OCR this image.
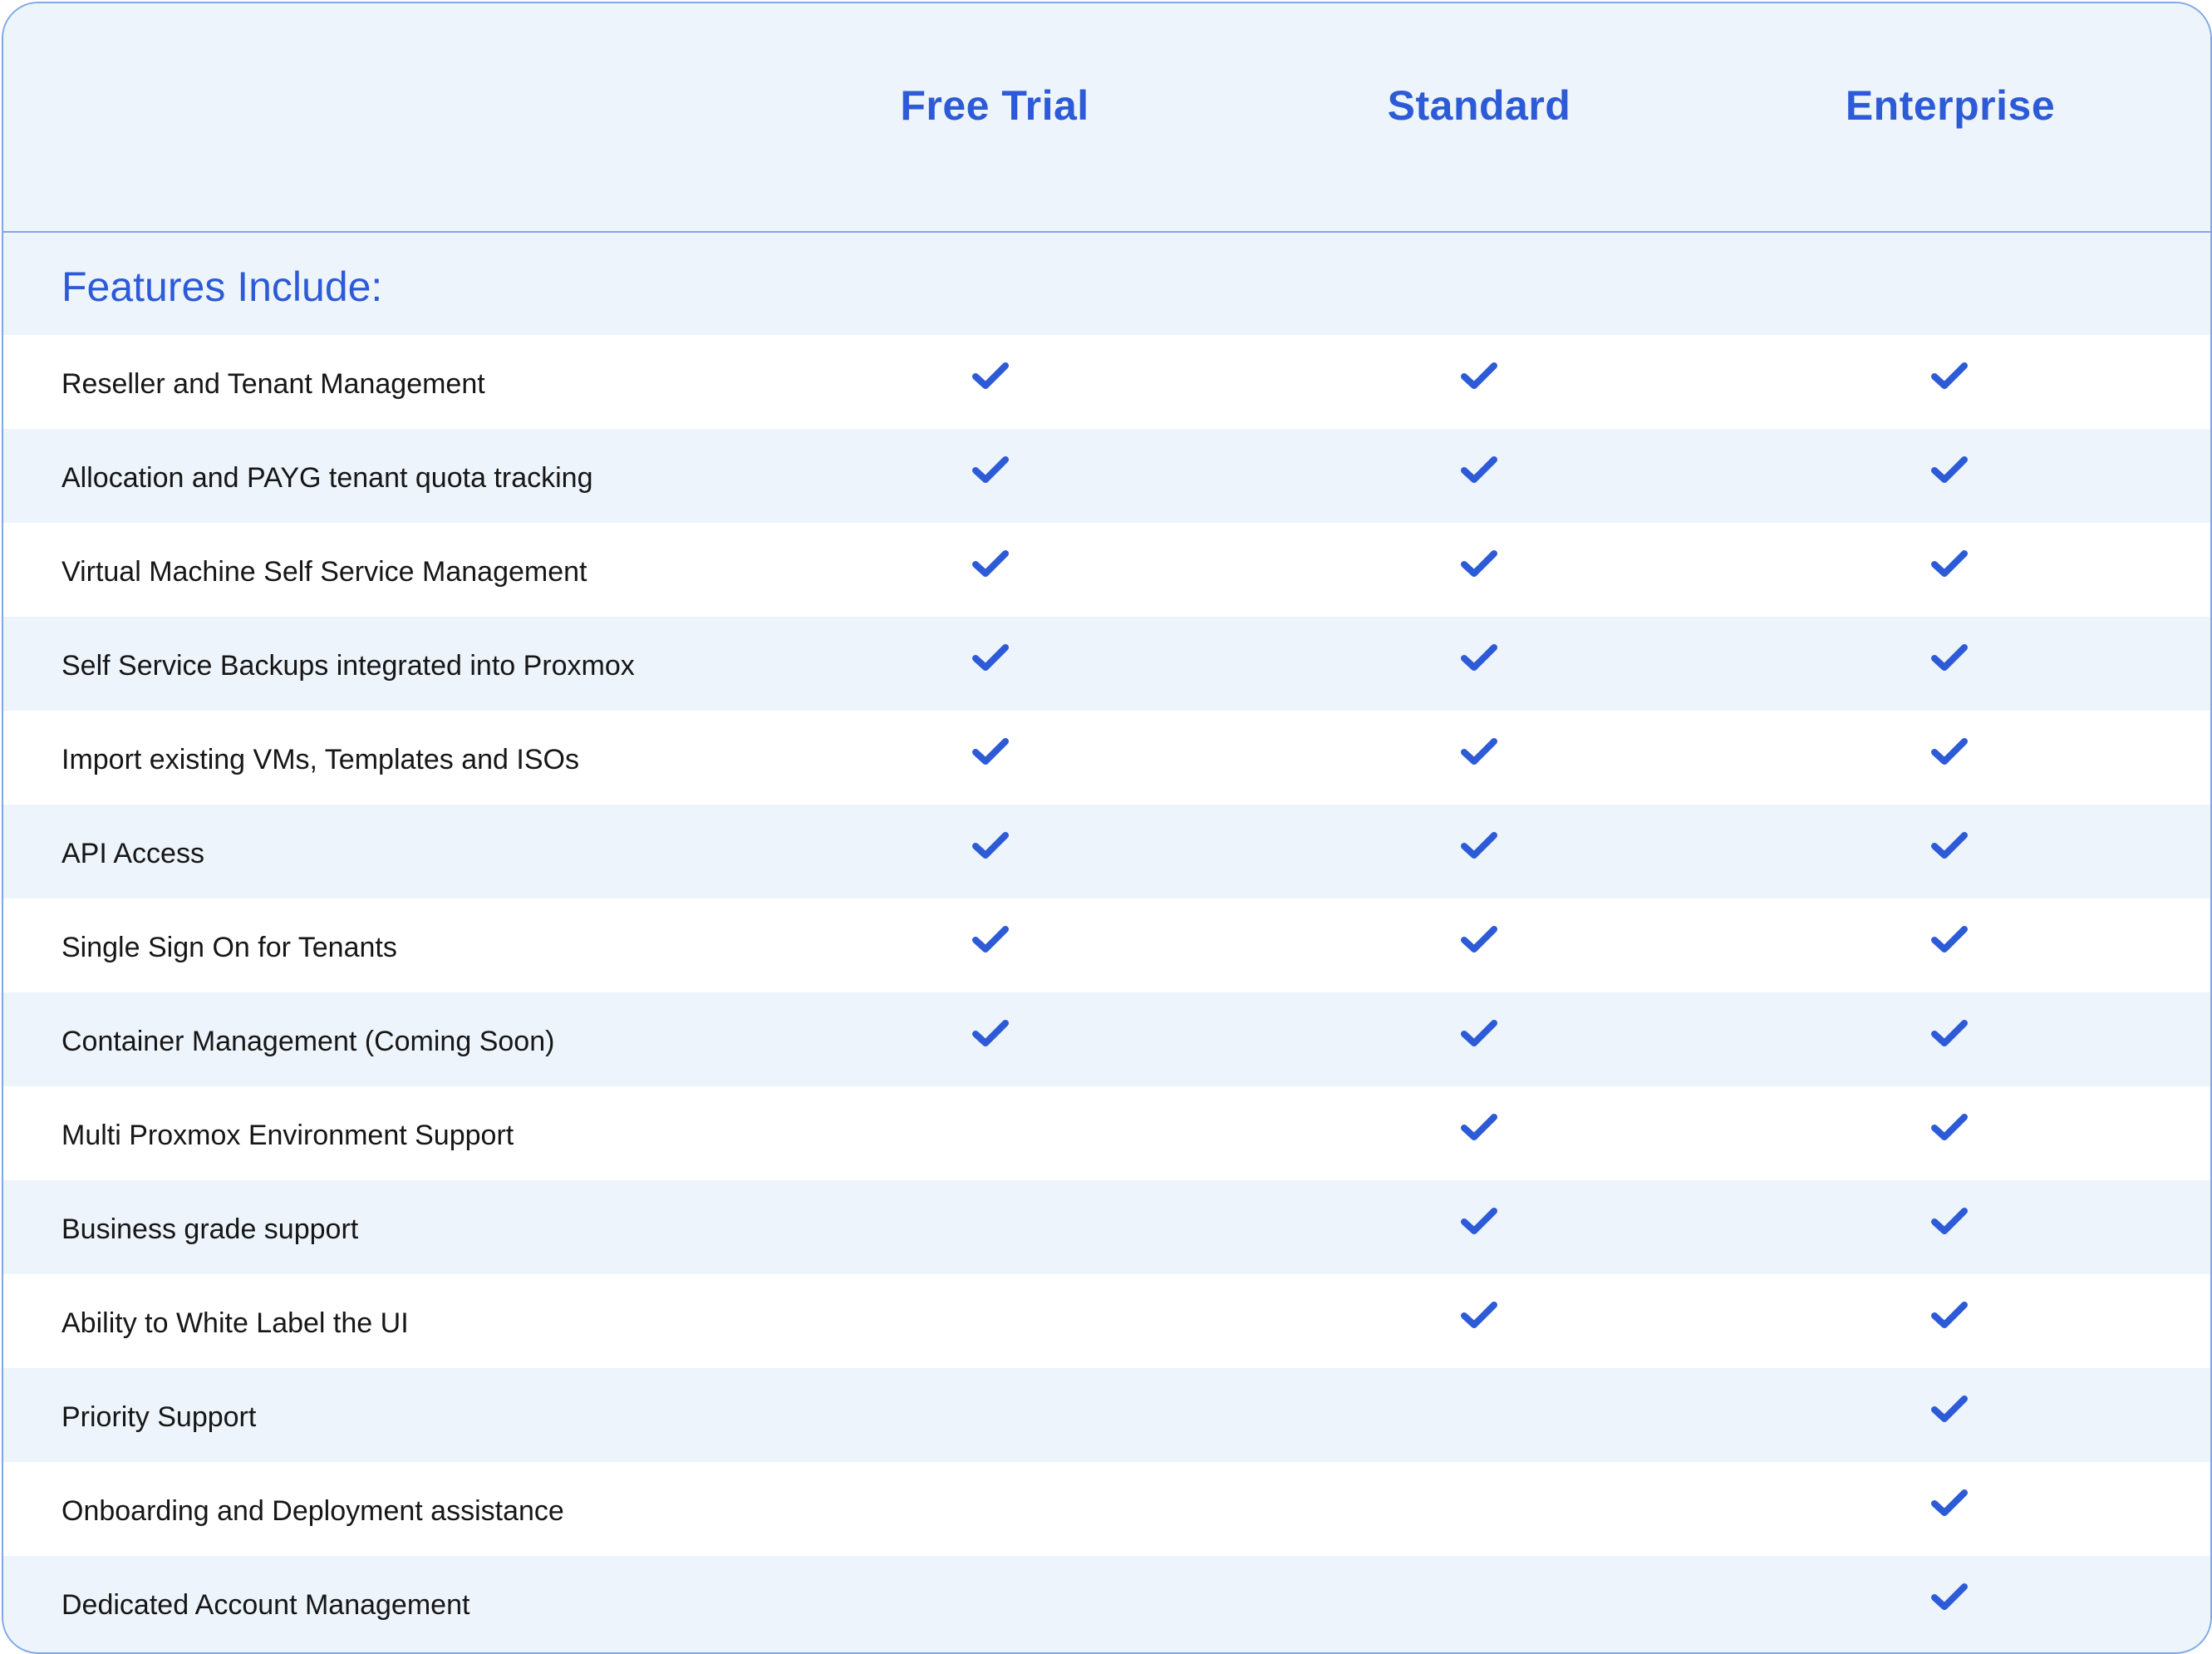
Free Trial	Standard	Enterprise
Features Include:
Reseller and Tenant Management
Allocation and PAYG tenant quota tracking
Virtual Machine Self Service Management
Self Service Backups integrated into Proxmox
Import existing VMs, Templates and ISOs
API Access
Single Sign On for Tenants
Container Management (Coming Soon)
Multi Proxmox Environment Support
Business grade support
Ability to White Label the UI
Priority Support
Onboarding and Deployment assistance
Dedicated Account Management
